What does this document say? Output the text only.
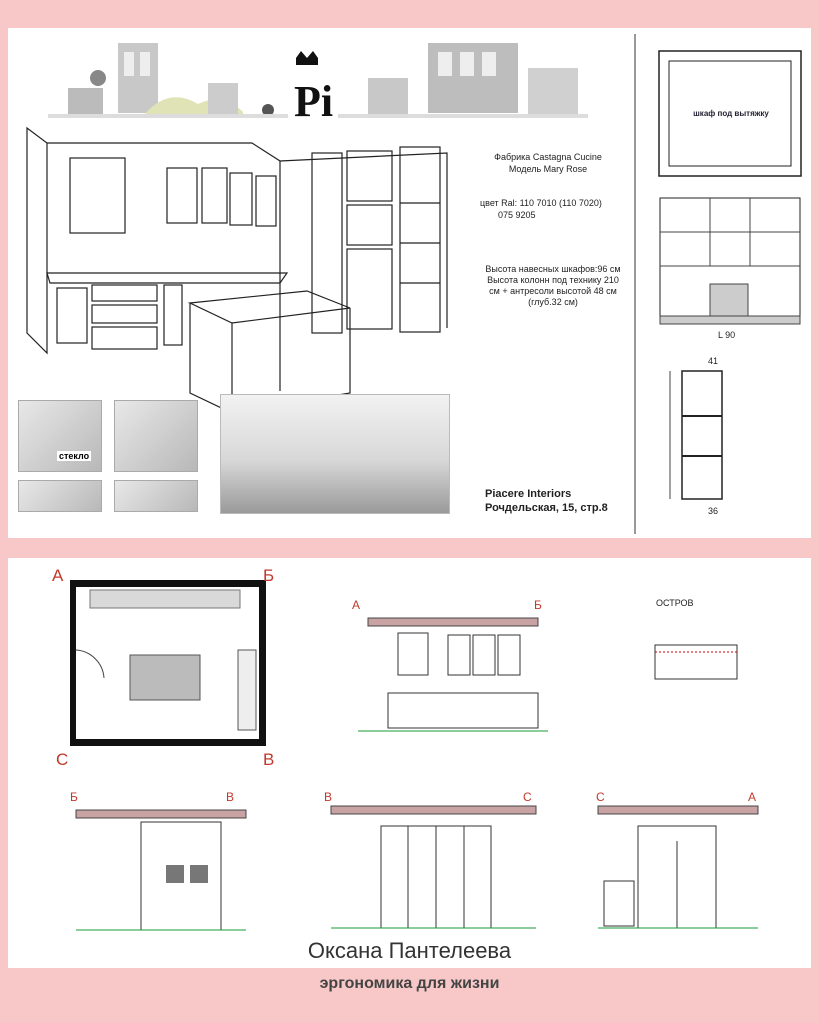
Pi
Фабрика Castagna Cucine
Модель Mary Rose
цвет Ral: 110 7010 (110 7020)
075 9205
Высота навесных шкафов:96 см
Высота колонн под технику 210
см + антресоли высотой 48 см
(глуб.32 см)
Piacere Interiors
Рочдельская, 15, стр.8
стекло
шкаф под вытяжку
L 90
41
36
ОСТРОВ
А	Б
С	В
Б	В	В	С	С	А
А	Б
Оксана Пантелеева
эргономика для жизни
